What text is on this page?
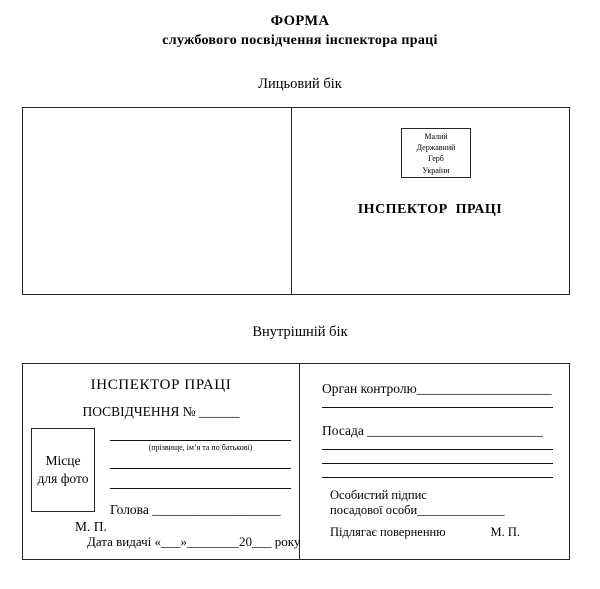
ФОРМА
службового посвідчення інспектора праці
Лицьовий бік
Малий
Державний
Герб
України
ІНСПЕКТОР  ПРАЦІ
Внутрішній бік
ІНСПЕКТОР ПРАЦІ
ПОСВІДЧЕННЯ № ______
Місце для фото
(прізвище, ім’я та по батькові)
Голова ___________________
М. П.
Дата видачі «___»________20___ року
Орган контролю____________________
Посада __________________________
Особистий підпис
посадової особи______________
Підлягає поверненню	М. П.
